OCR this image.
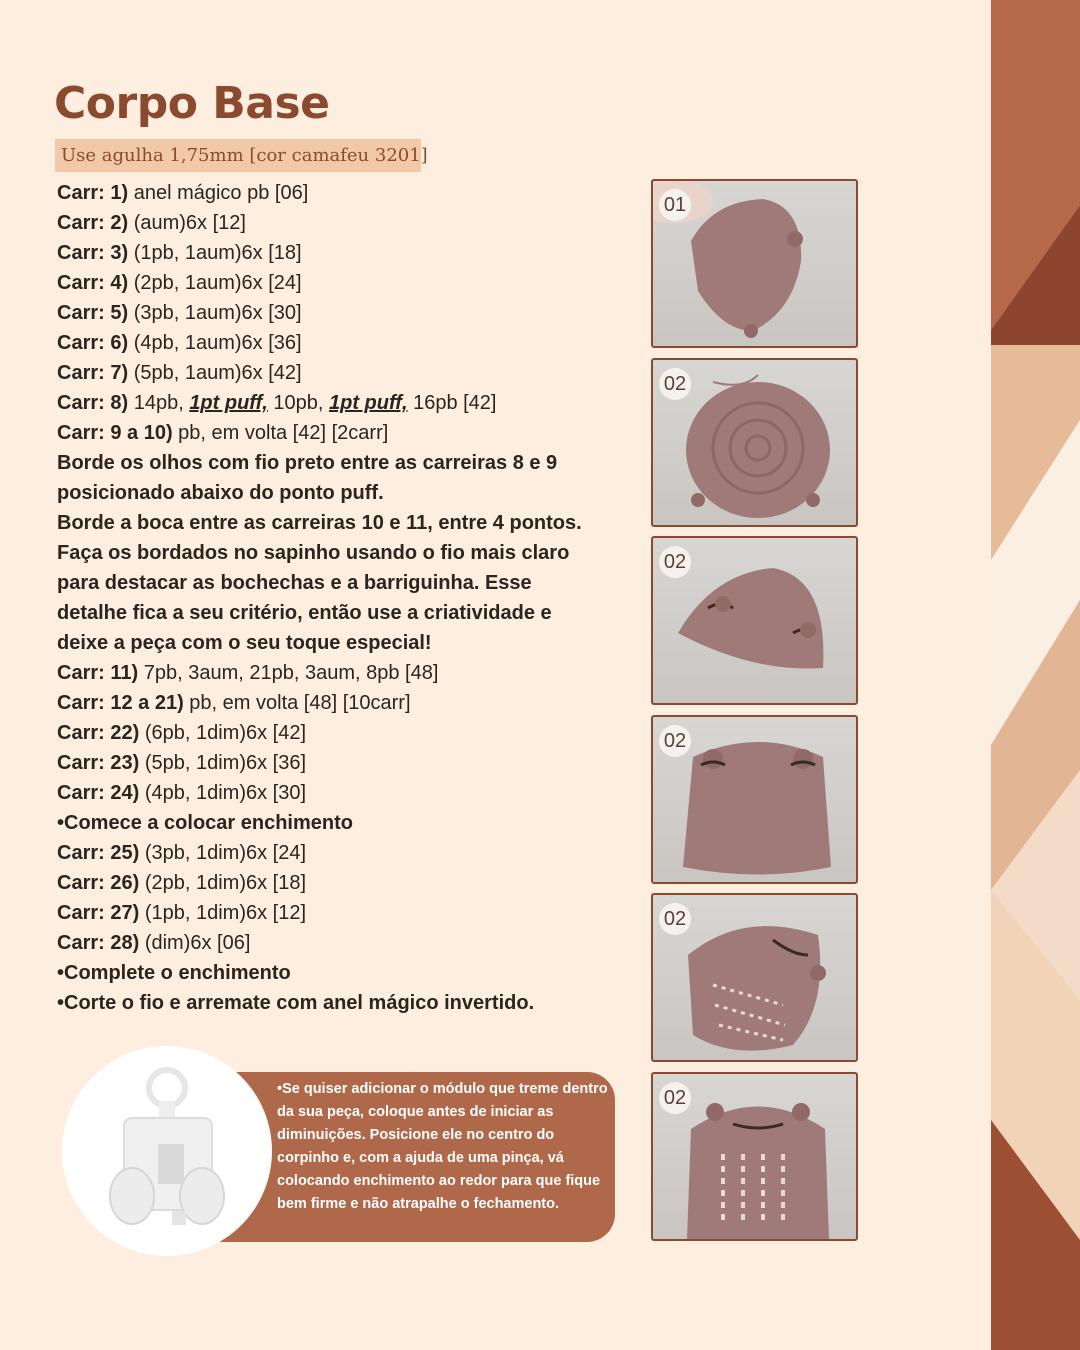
Corpo Base
Use agulha 1,75mm [cor camafeu 3201]
Carr: 1) anel mágico pb [06]
Carr: 2) (aum)6x [12]
Carr: 3) (1pb, 1aum)6x [18]
Carr: 4) (2pb, 1aum)6x [24]
Carr: 5) (3pb, 1aum)6x [30]
Carr: 6) (4pb, 1aum)6x [36]
Carr: 7) (5pb, 1aum)6x [42]
Carr: 8) 14pb, 1pt puff, 10pb, 1pt puff, 16pb [42]
Carr: 9 a 10) pb, em volta [42] [2carr]
Borde os olhos com fio preto entre as carreiras 8 e 9 posicionado abaixo do ponto puff.
Borde a boca entre as carreiras 10 e 11, entre 4 pontos.
Faça os bordados no sapinho usando o fio mais claro para destacar as bochechas e a barriguinha. Esse detalhe fica a seu critério, então use a criatividade e deixe a peça com o seu toque especial!
Carr: 11) 7pb, 3aum, 21pb, 3aum, 8pb [48]
Carr: 12 a 21) pb, em volta [48] [10carr]
Carr: 22) (6pb, 1dim)6x [42]
Carr: 23) (5pb, 1dim)6x [36]
Carr: 24) (4pb, 1dim)6x [30]
•Comece a colocar enchimento
Carr: 25) (3pb, 1dim)6x [24]
Carr: 26) (2pb, 1dim)6x [18]
Carr: 27) (1pb, 1dim)6x [12]
Carr: 28) (dim)6x [06]
•Complete o enchimento
•Corte o fio e arremate com anel mágico invertido.
01
02
02
02
02
02
•Se quiser adicionar o módulo que treme dentro da sua peça, coloque antes de iniciar as diminuições. Posicione ele no centro do corpinho e, com a ajuda de uma pinça, vá colocando enchimento ao redor para que fique bem firme e não atrapalhe o fechamento.
